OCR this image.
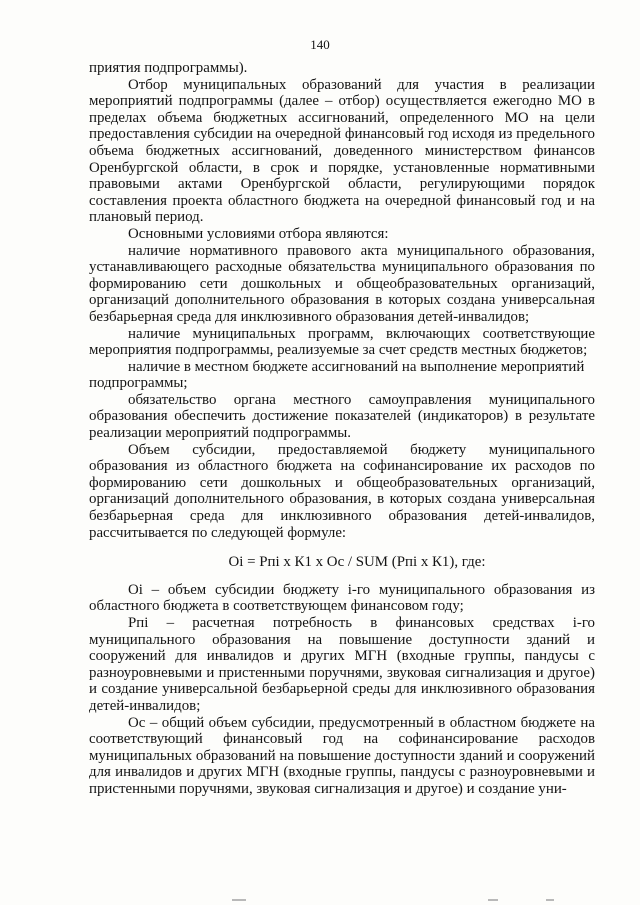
140

приятия подпрограммы).

Отбор муниципальных образований для участия в реализации мероприятий подпрограммы (далее – отбор) осуществляется ежегодно МО в пределах объема бюджетных ассигнований, определенного МО на цели предоставления субсидии на очередной финансовый год исходя из предельного объема бюджетных ассигнований, доведенного министерством финансов Оренбургской области, в срок и порядке, установленные нормативными правовыми актами Оренбургской области, регулирующими порядок составления проекта областного бюджета на очередной финансовый год и на плановый период.

Основными условиями отбора являются:

наличие нормативного правового акта муниципального образования, устанавливающего расходные обязательства муниципального образования по формированию сети дошкольных и общеобразовательных организаций, организаций дополнительного образования в которых создана универсальная безбарьерная среда для инклюзивного образования детей-инвалидов;

наличие муниципальных программ, включающих соответствующие мероприятия подпрограммы, реализуемые за счет средств местных бюджетов;

наличие в местном бюджете ассигнований на выполнение мероприятий подпрограммы;

обязательство органа местного самоуправления муниципального образования обеспечить достижение показателей (индикаторов) в результате реализации мероприятий подпрограммы.

Объем субсидии, предоставляемой бюджету муниципального образования из областного бюджета на софинансирование их расходов по формированию сети дошкольных и общеобразовательных организаций, организаций дополнительного образования, в которых создана универсальная безбарьерная среда для инклюзивного образования детей-инвалидов, рассчитывается по следующей формуле:

Оi = Рпi х К1 х Ос / SUM (Рпi х К1), где:

Оi – объем субсидии бюджету i-го муниципального образования из областного бюджета в соответствующем финансовом году;

Рпi – расчетная потребность в финансовых средствах i-го муниципального образования на повышение доступности зданий и сооружений для инвалидов и других МГН (входные группы, пандусы с разноуровневыми и пристенными поручнями, звуковая сигнализация и другое) и создание универсальной безбарьерной среды для инклюзивного образования детей-инвалидов;

Ос – общий объем субсидии, предусмотренный в областном бюджете на соответствующий финансовый год на софинансирование расходов муниципальных образований на повышение доступности зданий и сооружений для инвалидов и других МГН (входные группы, пандусы с разноуровневыми и пристенными поручнями, звуковая сигнализация и другое) и создание уни-
